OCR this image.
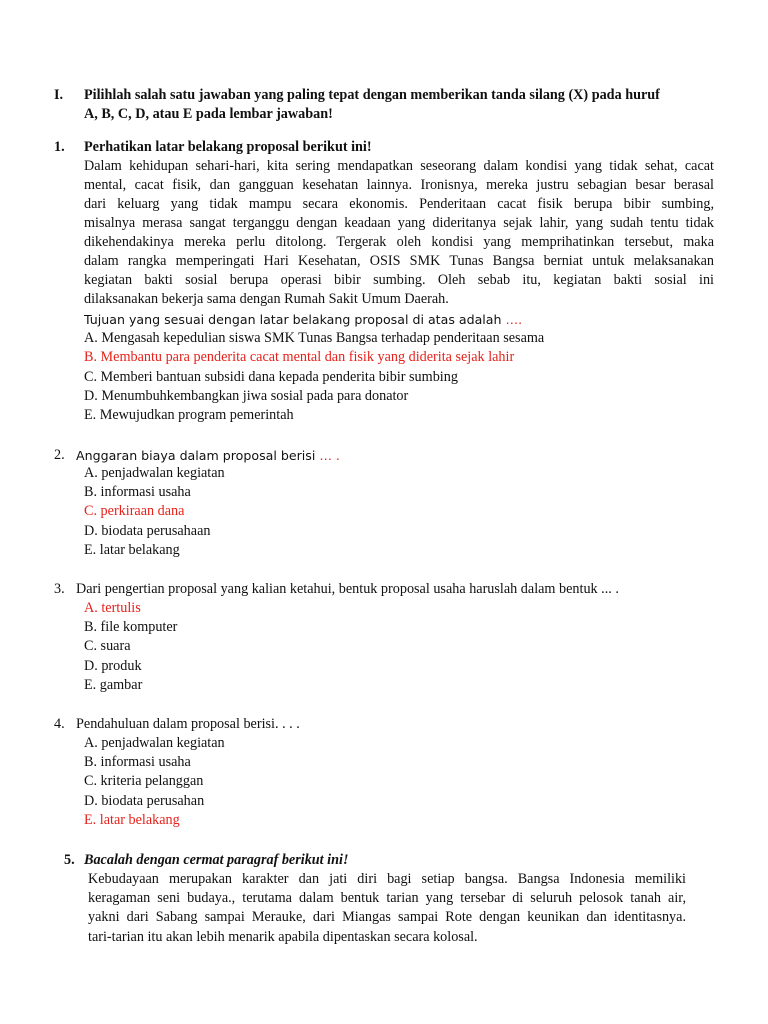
I. Pilihlah salah satu jawaban yang paling tepat dengan memberikan tanda silang (X) pada huruf
A, B, C, D, atau E pada lembar jawaban!
1. Perhatikan latar belakang proposal berikut ini!
Dalam kehidupan sehari-hari, kita sering mendapatkan seseorang dalam kondisi yang tidak sehat, cacat
mental, cacat fisik, dan gangguan kesehatan lainnya. Ironisnya, mereka justru sebagian besar berasal
dari keluarg yang tidak mampu secara ekonomis. Penderitaan cacat fisik berupa bibir sumbing,
misalnya merasa sangat terganggu dengan keadaan yang dideritanya sejak lahir, yang sudah tentu tidak
dikehendakinya mereka perlu ditolong. Tergerak oleh kondisi yang memprihatinkan tersebut, maka
dalam rangka memperingati Hari Kesehatan, OSIS SMK Tunas Bangsa berniat untuk melaksanakan
kegiatan bakti sosial berupa operasi bibir sumbing. Oleh sebab itu, kegiatan bakti sosial ini
dilaksanakan bekerja sama dengan Rumah Sakit Umum Daerah.
Tujuan yang sesuai dengan latar belakang proposal di atas adalah ….
A. Mengasah kepedulian siswa SMK Tunas Bangsa terhadap penderitaan sesama
B. Membantu para penderita cacat mental dan fisik yang diderita sejak lahir
C. Memberi bantuan subsidi dana kepada penderita bibir sumbing
D. Menumbuhkembangkan jiwa sosial pada para donator
E. Mewujudkan program pemerintah
2. Anggaran biaya dalam proposal berisi … .
A. penjadwalan kegiatan
B. informasi usaha
C. perkiraan dana
D. biodata perusahaan
E. latar belakang
3. Dari pengertian proposal yang kalian ketahui, bentuk proposal usaha haruslah dalam bentuk ... .
A. tertulis
B. file komputer
C. suara
D. produk
E. gambar
4. Pendahuluan dalam proposal berisi. . . .
A. penjadwalan kegiatan
B. informasi usaha
C. kriteria pelanggan
D. biodata perusahan
E. latar belakang
5. Bacalah dengan cermat paragraf berikut ini!
Kebudayaan merupakan karakter dan jati diri bagi setiap bangsa. Bangsa Indonesia memiliki
keragaman seni budaya., terutama dalam bentuk tarian yang tersebar di seluruh pelosok tanah air,
yakni dari Sabang sampai Merauke, dari Miangas sampai Rote dengan keunikan dan identitasnya.
tari-tarian itu akan lebih menarik apabila dipentaskan secara kolosal.
